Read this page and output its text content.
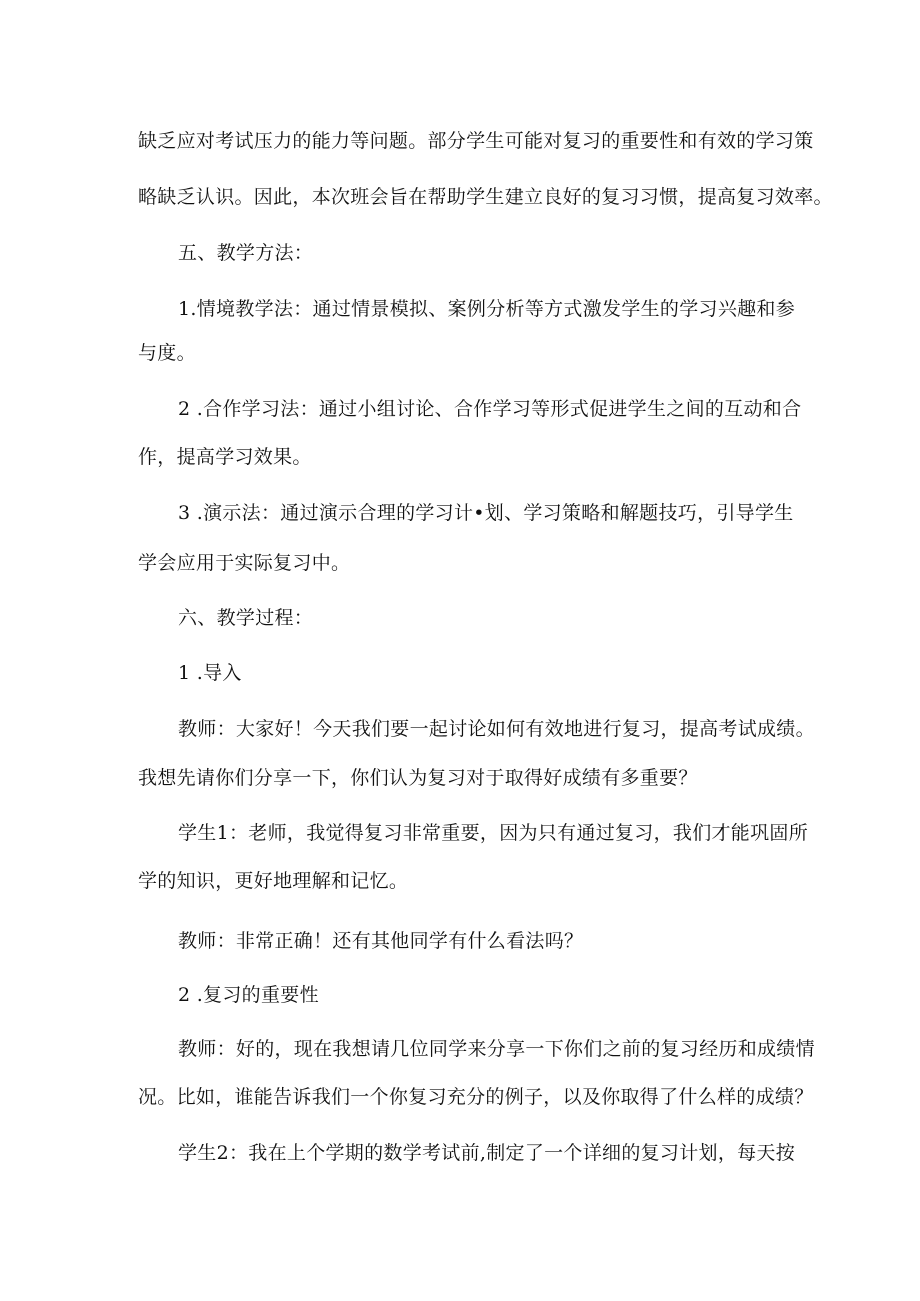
缺乏应对考试压力的能力等问题。部分学生可能对复习的重要性和有效的学习策
略缺乏认识。因此，本次班会旨在帮助学生建立良好的复习习惯，提高复习效率。
五、教学方法：
1.情境教学法：通过情景模拟、案例分析等方式激发学生的学习兴趣和参
与度。
2 .合作学习法：通过小组讨论、合作学习等形式促进学生之间的互动和合
作，提高学习效果。
3 .演示法：通过演示合理的学习计•划、学习策略和解题技巧，引导学生
学会应用于实际复习中。
六、教学过程：
1 .导入
教师：大家好！今天我们要一起讨论如何有效地进行复习，提高考试成绩。
我想先请你们分享一下，你们认为复习对于取得好成绩有多重要？
学生1：老师，我觉得复习非常重要，因为只有通过复习，我们才能巩固所
学的知识，更好地理解和记忆。
教师：非常正确！还有其他同学有什么看法吗？
2 .复习的重要性
教师：好的，现在我想请几位同学来分享一下你们之前的复习经历和成绩情
况。比如，谁能告诉我们一个你复习充分的例子，以及你取得了什么样的成绩？
学生2：我在上个学期的数学考试前,制定了一个详细的复习计划，每天按
